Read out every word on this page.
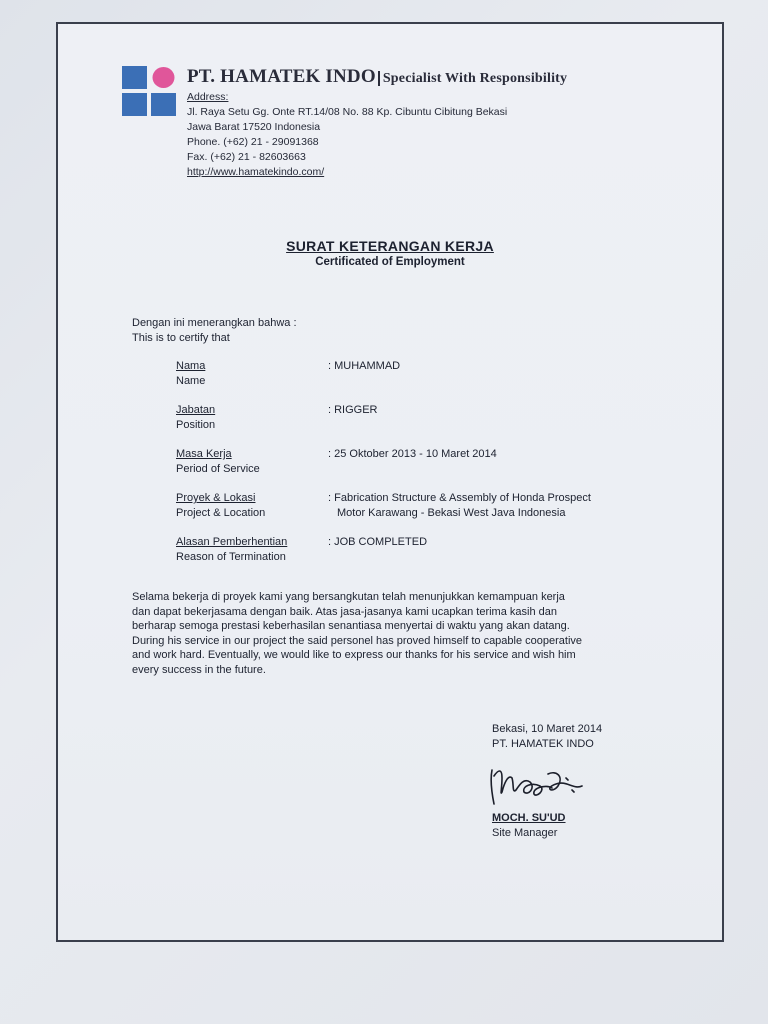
PT. HAMATEK INDO Specialist With Responsibility
Address:
Jl. Raya Setu Gg. Onte RT.14/08 No. 88 Kp. Cibuntu Cibitung Bekasi
Jawa Barat 17520 Indonesia
Phone. (+62) 21 - 29091368
Fax. (+62) 21 - 82603663
http://www.hamatekindo.com/
SURAT KETERANGAN KERJA
Certificated of Employment
Dengan ini menerangkan bahwa :
This is to certify that
Nama
Name
: MUHAMMAD
Jabatan
Position
: RIGGER
Masa Kerja
Period of Service
: 25 Oktober 2013 - 10 Maret 2014
Proyek & Lokasi
Project & Location
: Fabrication Structure & Assembly of Honda Prospect
Motor Karawang - Bekasi West Java Indonesia
Alasan Pemberhentian
Reason of Termination
: JOB COMPLETED
Selama bekerja di proyek kami yang bersangkutan telah menunjukkan kemampuan kerja
dan dapat bekerjasama dengan baik. Atas jasa-jasanya kami ucapkan terima kasih dan
berharap semoga prestasi keberhasilan senantiasa menyertai di waktu yang akan datang.
During his service in our project the said personel has proved himself to capable cooperative
and work hard. Eventually, we would like to express our thanks for his service and wish him
every success in the future.
Bekasi, 10 Maret 2014
PT. HAMATEK INDO
MOCH. SU'UD
Site Manager
